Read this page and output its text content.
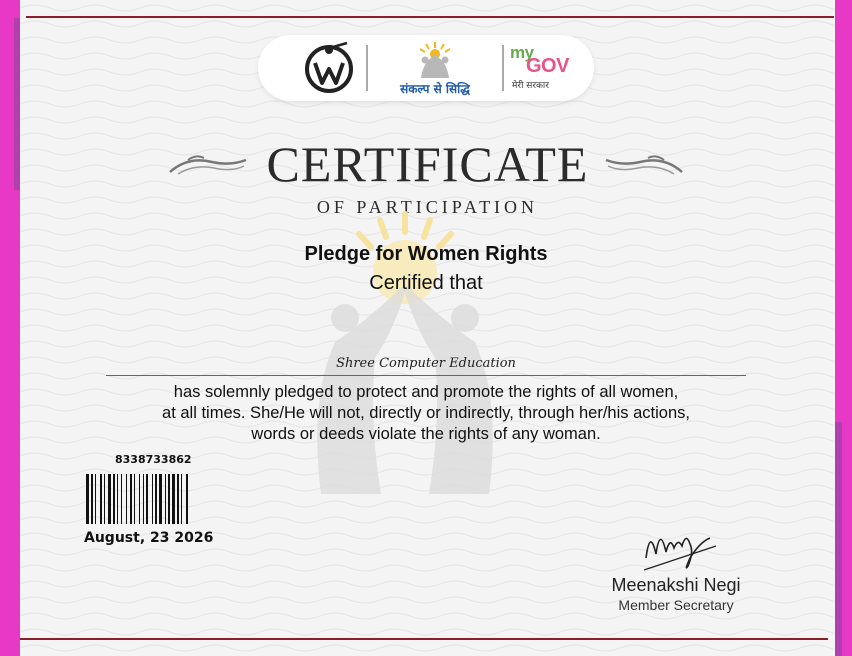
संकल्प से सिद्धि
my
GOV
मेरी सरकार
CERTIFICATE
OF PARTICIPATION
Pledge for Women Rights
Certified that
Shree Computer Education
has solemnly pledged to protect and promote the rights of all women,
at all times. She/He will not, directly or indirectly, through her/his actions,
words or deeds violate the rights of any woman.
8338733862
August, 23 2026
Meenakshi Negi
Member Secretary
